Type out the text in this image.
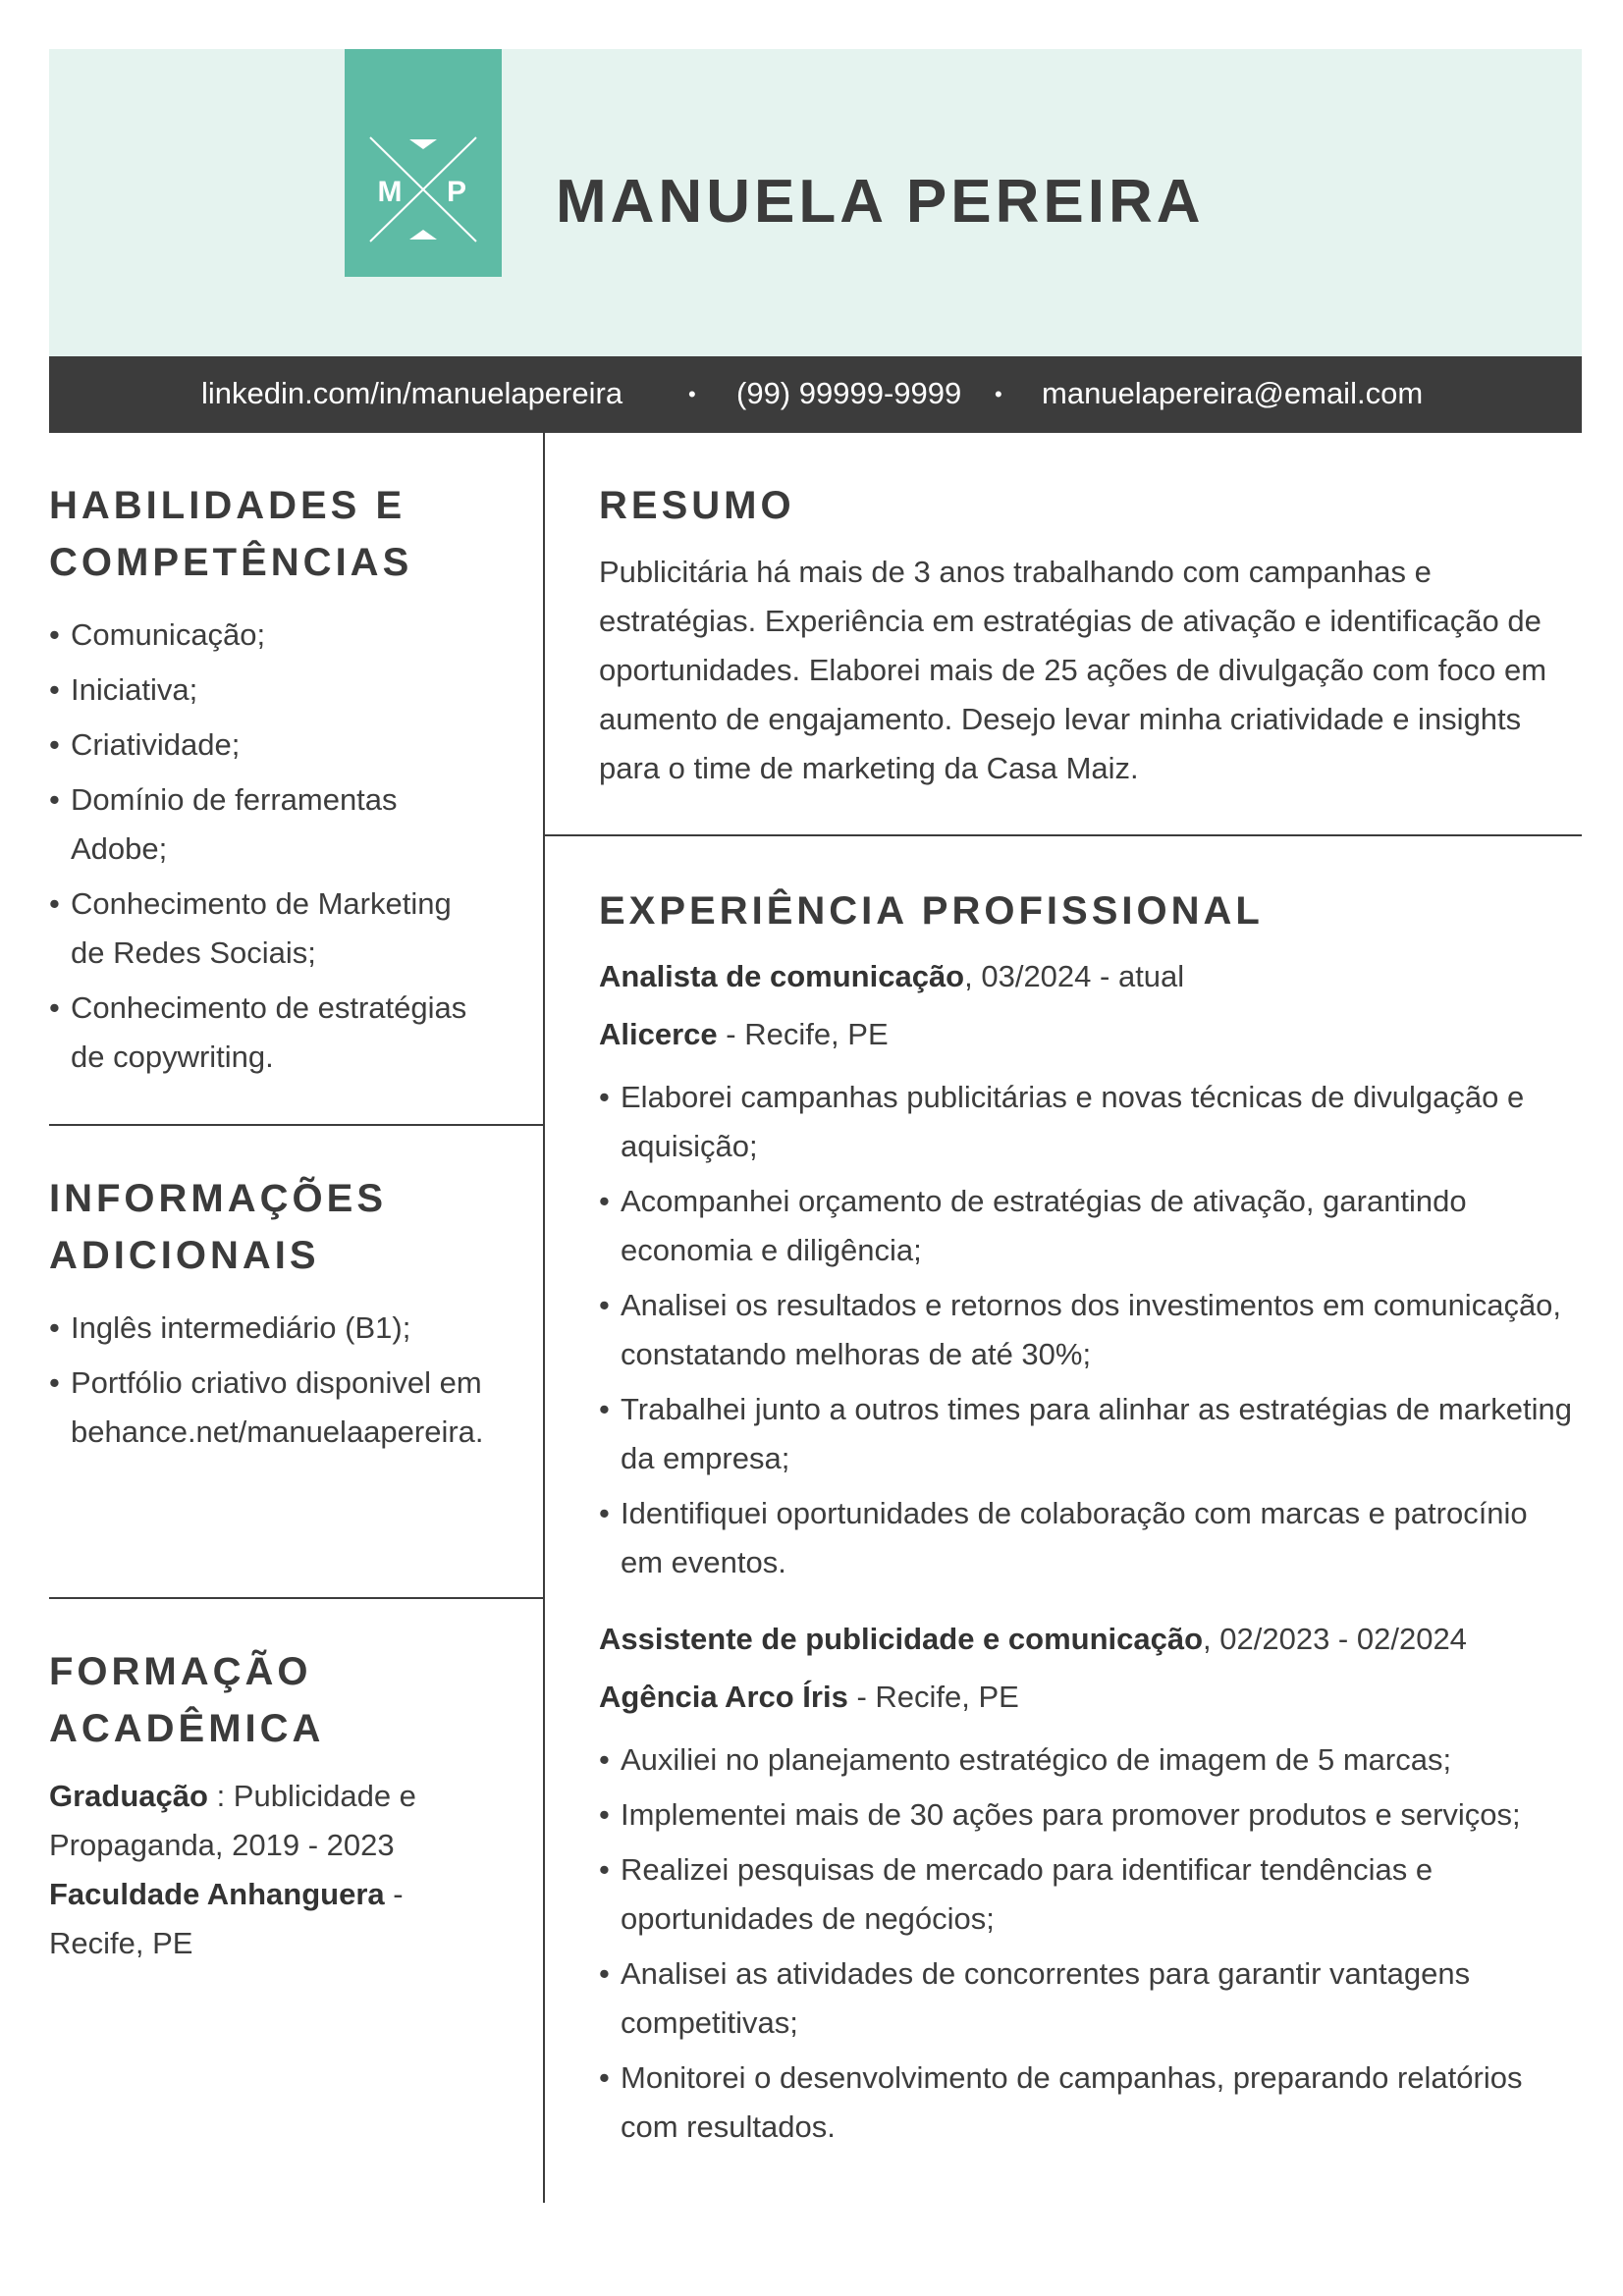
M P MANUELA PEREIRA
linkedin.com/in/manuelapereira	• (99) 99999-9999 • manuelapereira@email.com
HABILIDADES E
COMPETÊNCIAS
• Comunicação;
• Iniciativa;
• Criatividade;
• Domínio de ferramentas Adobe;
• Conhecimento de Marketing de Redes Sociais;
• Conhecimento de estratégias de copywriting.
INFORMAÇÕES
ADICIONAIS
• Inglês intermediário (B1);
• Portfólio criativo disponivel em behance.net/manuelaapereira.
FORMAÇÃO
ACADÊMICA
Graduação : Publicidade e Propaganda, 2019 - 2023
Faculdade Anhanguera - Recife, PE
RESUMO
Publicitária há mais de 3 anos trabalhando com campanhas e
estratégias. Experiência em estratégias de ativação e identificação de
oportunidades. Elaborei mais de 25 ações de divulgação com foco em
aumento de engajamento. Desejo levar minha criatividade e insights
para o time de marketing da Casa Maiz.
EXPERIÊNCIA PROFISSIONAL
Analista de comunicação, 03/2024 - atual
Alicerce - Recife, PE
• Elaborei campanhas publicitárias e novas técnicas de divulgação e aquisição;
• Acompanhei orçamento de estratégias de ativação, garantindo economia e diligência;
• Analisei os resultados e retornos dos investimentos em comunicação, constatando melhoras de até 30%;
• Trabalhei junto a outros times para alinhar as estratégias de marketing da empresa;
• Identifiquei oportunidades de colaboração com marcas e patrocínio em eventos.
Assistente de publicidade e comunicação, 02/2023 - 02/2024
Agência Arco Íris - Recife, PE
• Auxiliei no planejamento estratégico de imagem de 5 marcas;
• Implementei mais de 30 ações para promover produtos e serviços;
• Realizei pesquisas de mercado para identificar tendências e oportunidades de negócios;
• Analisei as atividades de concorrentes para garantir vantagens competitivas;
• Monitorei o desenvolvimento de campanhas, preparando relatórios com resultados.
